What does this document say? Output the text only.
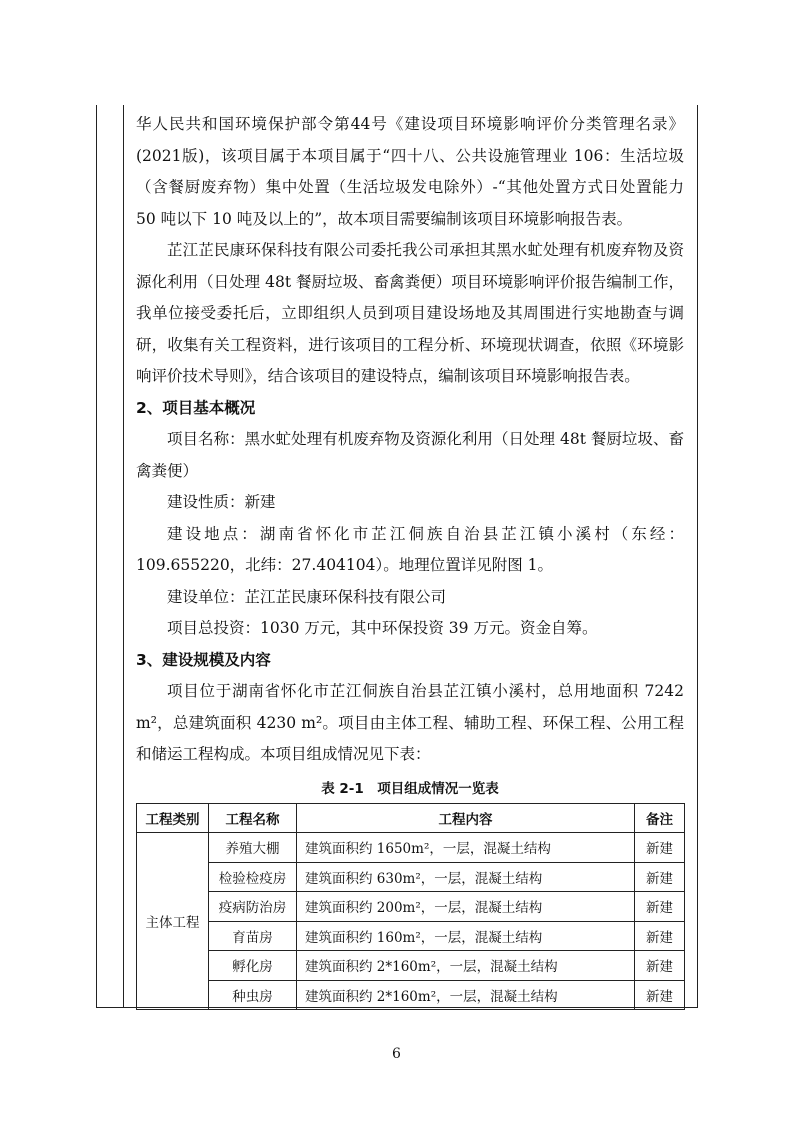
华人民共和国环境保护部令第44号《建设项目环境影响评价分类管理名录》(2021版)，该项目属于本项目属于“四十八、公共设施管理业 106：生活垃圾（含餐厨废弃物）集中处置（生活垃圾发电除外）-“其他处置方式日处置能力 50 吨以下 10 吨及以上的”，故本项目需要编制该项目环境影响报告表。

芷江芷民康环保科技有限公司委托我公司承担其黑水虻处理有机废弃物及资源化利用（日处理 48t 餐厨垃圾、畜禽粪便）项目环境影响评价报告编制工作，我单位接受委托后，立即组织人员到项目建设场地及其周围进行实地勘查与调研，收集有关工程资料，进行该项目的工程分析、环境现状调查，依照《环境影响评价技术导则》，结合该项目的建设特点，编制该项目环境影响报告表。

2、项目基本概况

项目名称：黑水虻处理有机废弃物及资源化利用（日处理 48t 餐厨垃圾、畜禽粪便）

建设性质：新建

建设地点：湖南省怀化市芷江侗族自治县芷江镇小溪村（东经：109.655220，北纬：27.404104）。地理位置详见附图 1。

建设单位：芷江芷民康环保科技有限公司

项目总投资：1030 万元，其中环保投资 39 万元。资金自筹。

3、建设规模及内容

项目位于湖南省怀化市芷江侗族自治县芷江镇小溪村，总用地面积 7242 m²，总建筑面积 4230 m²。项目由主体工程、辅助工程、环保工程、公用工程和储运工程构成。本项目组成情况见下表：

表 2-1　项目组成情况一览表
工程类别	工程名称	工程内容	备注
主体工程	养殖大棚	建筑面积约 1650m²，一层，混凝土结构	新建
	检验检疫房	建筑面积约 630m²，一层，混凝土结构	新建
	疫病防治房	建筑面积约 200m²，一层，混凝土结构	新建
	育苗房	建筑面积约 160m²，一层，混凝土结构	新建
	孵化房	建筑面积约 2*160m²，一层，混凝土结构	新建
	种虫房	建筑面积约 2*160m²，一层，混凝土结构	新建
6
